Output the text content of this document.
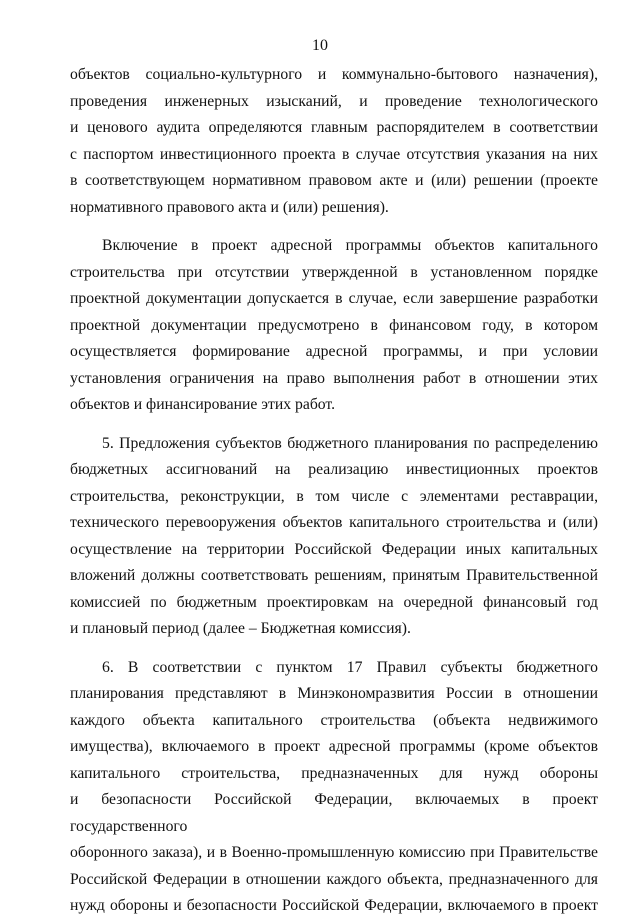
10

объектов социально-культурного и коммунально-бытового назначения),
проведения инженерных изысканий, и проведение технологического
и ценового аудита определяются главным распорядителем в соответствии
с паспортом инвестиционного проекта в случае отсутствия указания на них
в соответствующем нормативном правовом акте и (или) решении (проекте
нормативного правового акта и (или) решения).

Включение в проект адресной программы объектов капитального
строительства при отсутствии утвержденной в установленном порядке
проектной документации допускается в случае, если завершение разработки
проектной документации предусмотрено в финансовом году, в котором
осуществляется формирование адресной программы, и при условии
установления ограничения на право выполнения работ в отношении этих
объектов и финансирование этих работ.

5. Предложения субъектов бюджетного планирования по распределению
бюджетных ассигнований на реализацию инвестиционных проектов
строительства, реконструкции, в том числе с элементами реставрации,
технического перевооружения объектов капитального строительства и (или)
осуществление на территории Российской Федерации иных капитальных
вложений должны соответствовать решениям, принятым Правительственной
комиссией по бюджетным проектировкам на очередной финансовый год
и плановый период (далее – Бюджетная комиссия).

6. В соответствии с пунктом 17 Правил субъекты бюджетного
планирования представляют в Минэкономразвития России в отношении
каждого объекта капитального строительства (объекта недвижимого
имущества), включаемого в проект адресной программы (кроме объектов
капитального строительства, предназначенных для нужд обороны
и безопасности Российской Федерации, включаемых в проект государственного
оборонного заказа), и в Военно-промышленную комиссию при Правительстве
Российской Федерации в отношении каждого объекта, предназначенного для
нужд обороны и безопасности Российской Федерации, включаемого в проект
